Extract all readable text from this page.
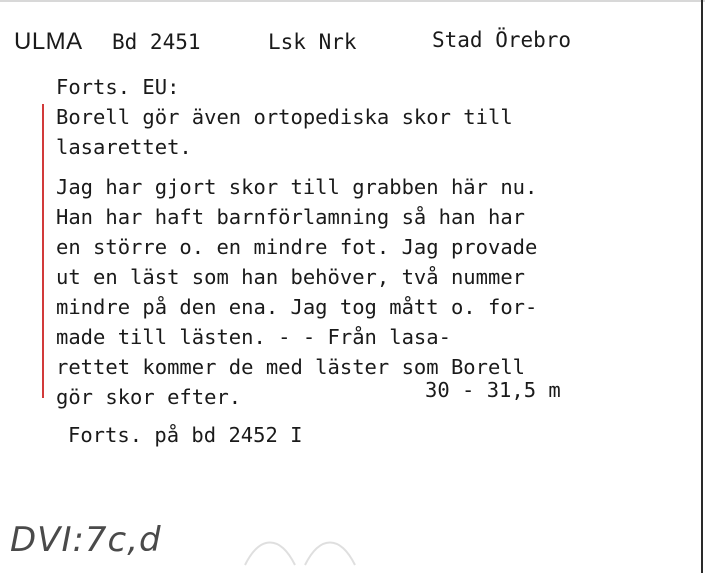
ULMA Bd 2451	Lsk Nrk	Stad Örebro
Forts. EU:
Borell gör även ortopediska skor till
lasarettet.
Jag har gjort skor till grabben här nu.
Han har haft barnförlamning så han har
en större o. en mindre fot. Jag provade
ut en läst som han behöver, två nummer
mindre på den ena. Jag tog mått o. for-
made till lästen. - - Från lasa-
rettet kommer de med läster som Borell
gör skor efter.	30 - 31,5 m
Forts. på bd 2452 I
DVI:7c,d
